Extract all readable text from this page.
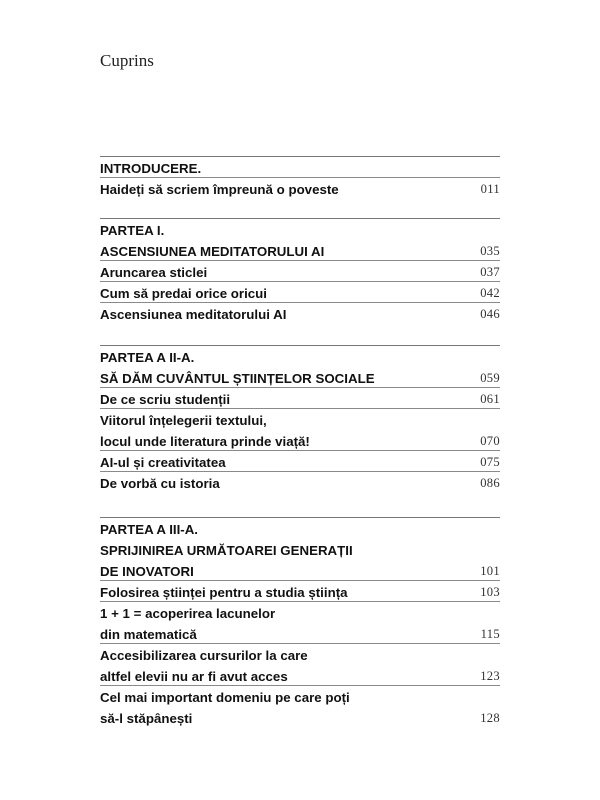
Cuprins
INTRODUCERE.
Haideți să scriem împreună o poveste	011
PARTEA I.
ASCENSIUNEA MEDITATORULUI AI	035
Aruncarea sticlei	037
Cum să predai orice oricui	042
Ascensiunea meditatorului AI	046
PARTEA A II-A.
SĂ DĂM CUVÂNTUL ȘTIINȚELOR SOCIALE	059
De ce scriu studenții	061
Viitorul înțelegerii textului,
locul unde literatura prinde viață!	070
AI-ul și creativitatea	075
De vorbă cu istoria	086
PARTEA A III-A.
SPRIJINIREA URMĂTOAREI GENERAȚII
DE INOVATORI	101
Folosirea științei pentru a studia știința	103
1 + 1 = acoperirea lacunelor
din matematică	115
Accesibilizarea cursurilor la care
altfel elevii nu ar fi avut acces	123
Cel mai important domeniu pe care poți
să-l stăpânești	128
